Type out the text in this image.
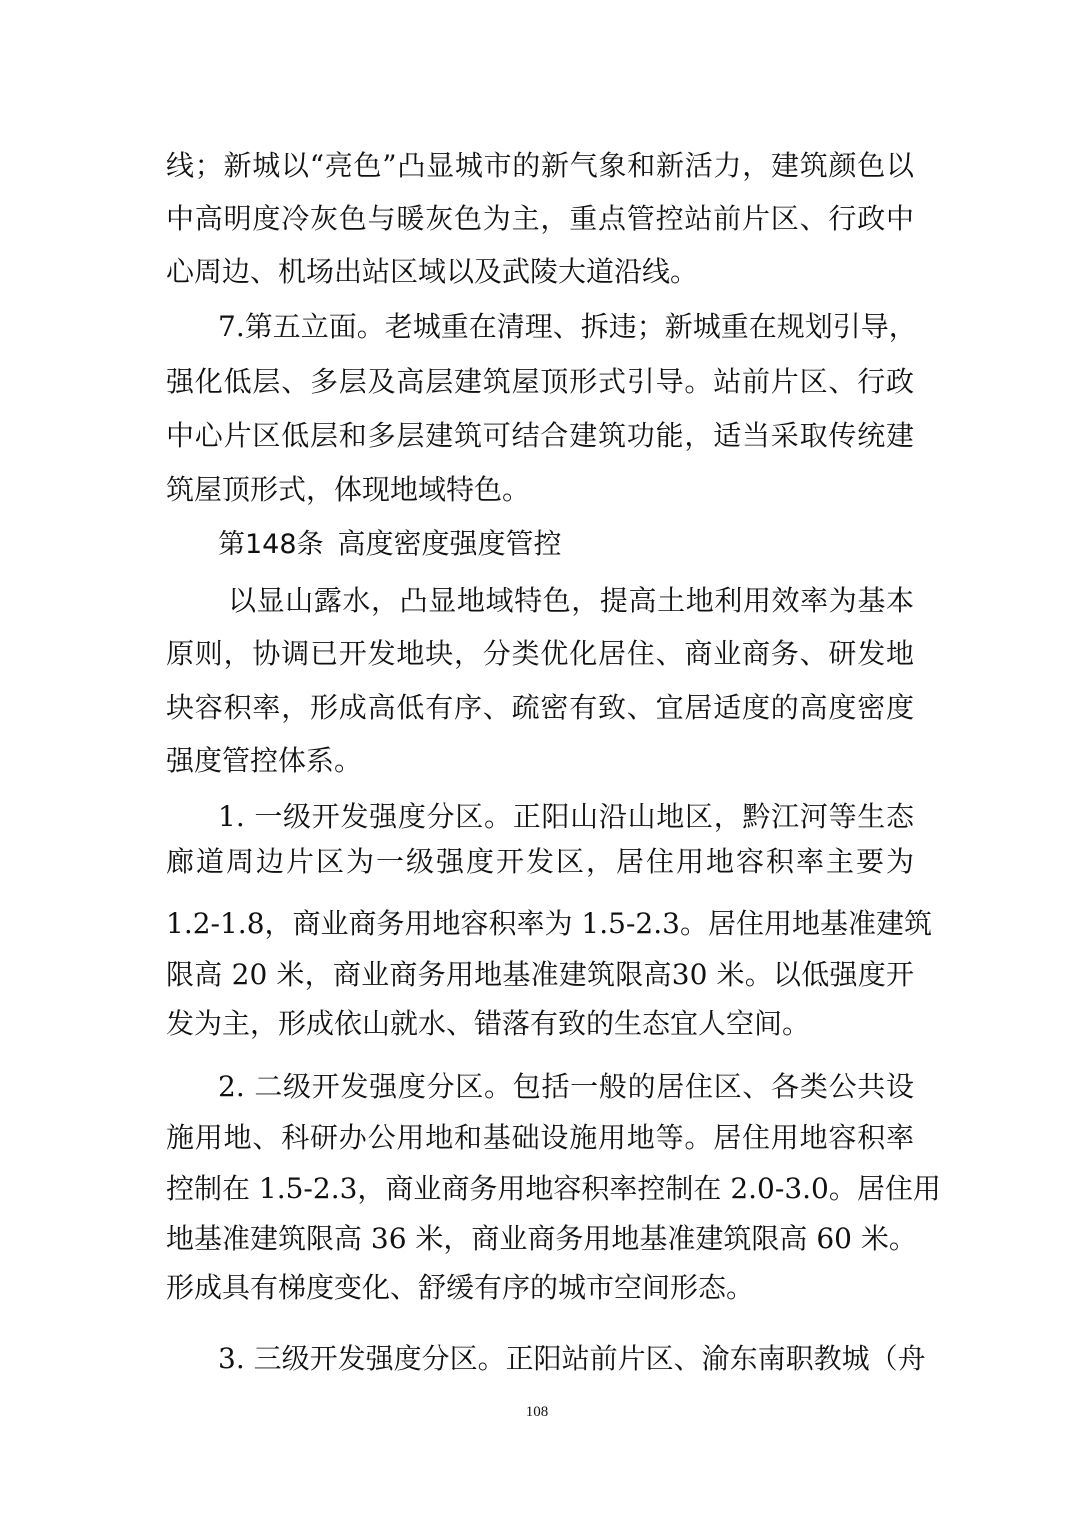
线；新城以“亮色”凸显城市的新气象和新活力，建筑颜色以
中高明度冷灰色与暖灰色为主，重点管控站前片区、行政中
心周边、机场出站区域以及武陵大道沿线。
7.第五立面。老城重在清理、拆违；新城重在规划引导，
强化低层、多层及高层建筑屋顶形式引导。站前片区、行政
中心片区低层和多层建筑可结合建筑功能，适当采取传统建
筑屋顶形式，体现地域特色。
第148条 高度密度强度管控
以显山露水，凸显地域特色，提高土地利用效率为基本
原则，协调已开发地块，分类优化居住、商业商务、研发地
块容积率，形成高低有序、疏密有致、宜居适度的高度密度
强度管控体系。
1. 一级开发强度分区。正阳山沿山地区，黔江河等生态
廊道周边片区为一级强度开发区，居住用地容积率主要为
1.2-1.8，商业商务用地容积率为 1.5-2.3。居住用地基准建筑
限高 20 米，商业商务用地基准建筑限高30 米。以低强度开
发为主，形成依山就水、错落有致的生态宜人空间。
2. 二级开发强度分区。包括一般的居住区、各类公共设
施用地、科研办公用地和基础设施用地等。居住用地容积率
控制在 1.5-2.3，商业商务用地容积率控制在 2.0-3.0。居住用
地基准建筑限高 36 米，商业商务用地基准建筑限高 60 米。
形成具有梯度变化、舒缓有序的城市空间形态。
3. 三级开发强度分区。正阳站前片区、渝东南职教城（舟
108
